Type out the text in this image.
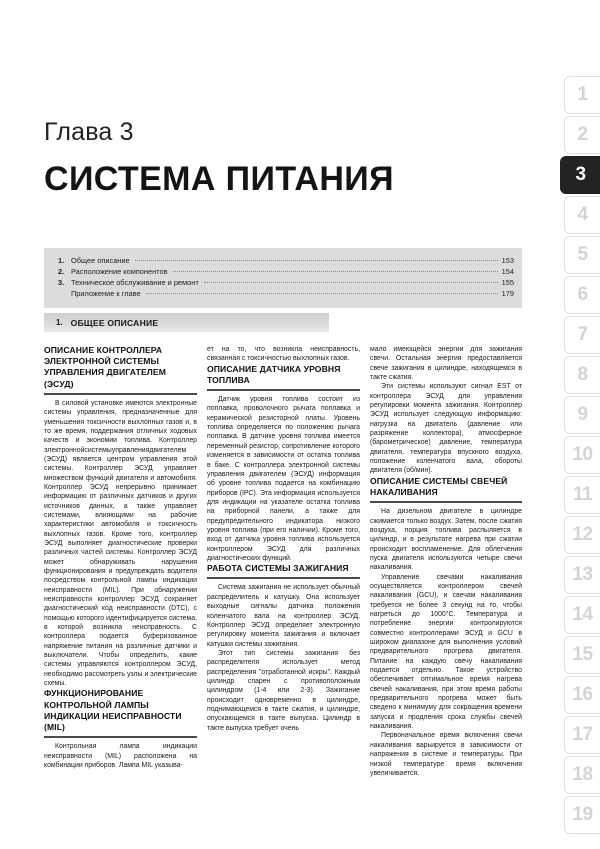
Глава 3
СИСТЕМА ПИТАНИЯ
1. Общее описание	153
2. Расположение компонентов	154
3. Техническое обслуживание и ремонт	155
Приложение к главе	179
1. ОБЩЕЕ ОПИСАНИЕ
ОПИСАНИЕ КОНТРОЛЛЕРА ЭЛЕКТРОННОЙ СИСТЕМЫ УПРАВЛЕНИЯ ДВИГАТЕЛЕМ (ЭСУД)

В силовой установке имеются электронные системы управления, предназначенные для уменьшения токсичности выхлопных газов и, в то же время, поддержания отличных ходовых качеств и экономии топлива. Контроллер электроннойсистемыуправлениядвигателем (ЭСУД) является центром управления этой системы. Контроллер ЭСУД управляет множеством функций двигателя и автомобиля. Контроллер ЭСУД непрерывно принимает информацию от различных датчиков и других источников данных, а также управляет системами, влияющими на рабочие характеристики автомобиля и токсичность выхлопных газов. Кроме того, контроллер ЭСУД выполняет диагностические проверки различных частей системы. Контроллер ЭСУД может обнаруживать нарушения функционирования и предупреждать водителя посредством контрольной лампы индикации неисправности (MIL). При обнаружении неисправности контроллер ЭСУД сохраняет диагностический код неисправности (DTC), с помощью которого идентифицируется система, в которой возникла неисправность. С контроллера подается буферизованное напряжение питания на различные датчики и выключатели. Чтобы определить, какие системы управляются контроллером ЭСУД, необходимо рассмотреть узлы и электрические схемы.

ФУНКЦИОНИРОВАНИЕ КОНТРОЛЬНОЙ ЛАМПЫ ИНДИКАЦИИ НЕИСПРАВНОСТИ (MIL)

Контрольная лампа индикации неисправности (MIL) расположена на комбинации приборов. Лампа MIL указыва-

ет на то, что возникла неисправность, связанная с токсичностью выхлопных газов.

ОПИСАНИЕ ДАТЧИКА УРОВНЯ ТОПЛИВА

Датчик уровня топлива состоит из поплавка, проволочного рычага поплавка и керамической резисторной платы. Уровень топлива определяется по положению рычага поплавка. В датчике уровня топлива имеется переменный резистор, сопротивление которого изменяется в зависимости от остатка топлива в баке. С контроллера электронной системы управления двигателем (ЭСУД) информация об уровне топлива подается на комбинацию приборов (IPC). Эта информация используется для индикации на указателе остатка топлива на приборной панели, а также для предупредительного индикатора низкого уровня топлива (при его наличии). Кроме того, вход от датчика уровня топлива используется контроллером ЭСУД для различных диагностических функций.

РАБОТА СИСТЕМЫ ЗАЖИГАНИЯ

Система зажигания не использует обычный распределитель и катушку. Она использует выходные сигналы датчика положения коленчатого вала на контроллер ЭСУД. Контроллер ЭСУД определяет электронную регулировку момента зажигания и включает катушки системы зажигания.

Этот тип системы зажигания без распределителя использует метод распределения "отработанной искры". Каждый цилиндр спарен с противоположным цилиндром (1-4 или 2-3). Зажигание происходит одновременно в цилиндре, поднимающемся в такте сжатия, и цилиндре, опускающемся в такте выпуска. Цилиндр в такте выпуска требует очень

мало имеющейся энергии для зажигания свечи. Остальная энергия предоставляется свече зажигания в цилиндре, находящемся в такте сжатия.

Эти системы используют сигнал EST от контроллера ЭСУД для управления регулировки момента зажигания. Контроллер ЭСУД использует следующую информацию: нагрузка на двигатель (давление или разряжение коллектора), атмосферное (барометрическое) давление, температура двигателя, температура впускного воздуха, положение коленчатого вала, обороты двигателя (об/мин).

ОПИСАНИЕ СИСТЕМЫ СВЕЧЕЙ НАКАЛИВАНИЯ

На дизельном двигателе в цилиндре сжимается только воздух. Затем, после сжатия воздуха, порция топлива распыляется в цилиндр, и в результате нагрева при сжатии происходит воспламенение. Для облегчения пуска двигателя используются четыре свечи накаливания.

Управление свечами накаливания осуществляется контроллером свечей накаливания (GCU), и свечам накаливания требуется не более 3 секунд на то, чтобы нагреться до 1000°C. Температура и потребление энергии контролируются совместно контроллерами ЭСУД и GCU в широком диапазоне для выполнения условий предварительного прогрева двигателя. Питание на каждую свечу накаливания подается отдельно. Такое устройство обеспечивает оптимальное время нагрева свечей накаливания, при этом время работы предварительного прогрева может быть сведено к минимуму для сокращения времени запуска и продления срока службы свечей накаливания.

Первоначальное время включения свечи накаливания варьируется в зависимости от напряжения в системе и температуры. При низкой температуре время включения увеличивается.

1
2
3
4
5
6
7
8
9
10
11
12
13
14
15
16
17
18
19
